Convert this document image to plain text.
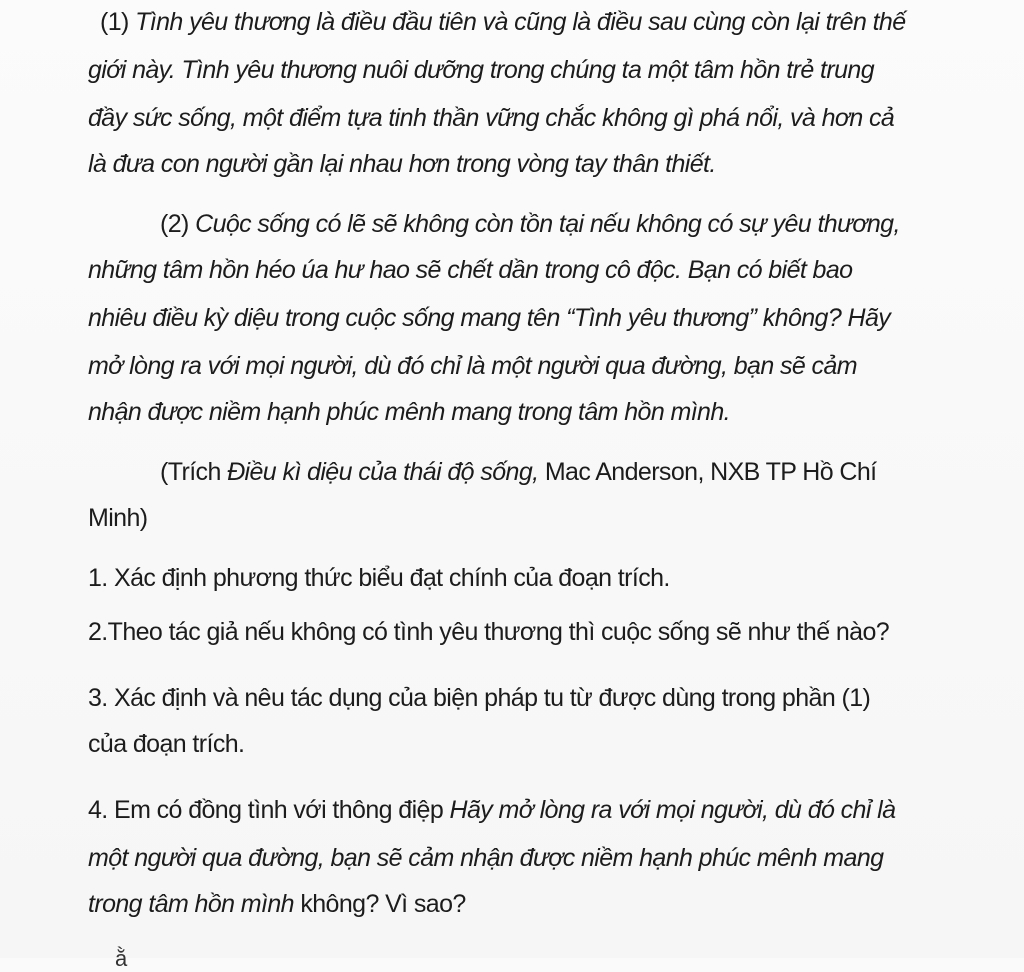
(1) Tình yêu thương là điều đầu tiên và cũng là điều sau cùng còn lại trên thế
giới này. Tình yêu thương nuôi dưỡng trong chúng ta một tâm hồn trẻ trung
đầy sức sống, một điểm tựa tinh thần vững chắc không gì phá nổi, và hơn cả
là đưa con người gần lại nhau hơn trong vòng tay thân thiết.
(2) Cuộc sống có lẽ sẽ không còn tồn tại nếu không có sự yêu thương,
những tâm hồn héo úa hư hao sẽ chết dần trong cô độc. Bạn có biết bao
nhiêu điều kỳ diệu trong cuộc sống mang tên “Tình yêu thương” không? Hãy
mở lòng ra với mọi người, dù đó chỉ là một người qua đường, bạn sẽ cảm
nhận được niềm hạnh phúc mênh mang trong tâm hồn mình.
(Trích Điều kì diệu của thái độ sống, Mac Anderson, NXB TP Hồ Chí
Minh)
1. Xác định phương thức biểu đạt chính của đoạn trích.
2.Theo tác giả nếu không có tình yêu thương thì cuộc sống sẽ như thế nào?
3. Xác định và nêu tác dụng của biện pháp tu từ được dùng trong phần (1)
của đoạn trích.
4. Em có đồng tình với thông điệp Hãy mở lòng ra với mọi người, dù đó chỉ là
một người qua đường, bạn sẽ cảm nhận được niềm hạnh phúc mênh mang
trong tâm hồn mình không? Vì sao?
ằ
